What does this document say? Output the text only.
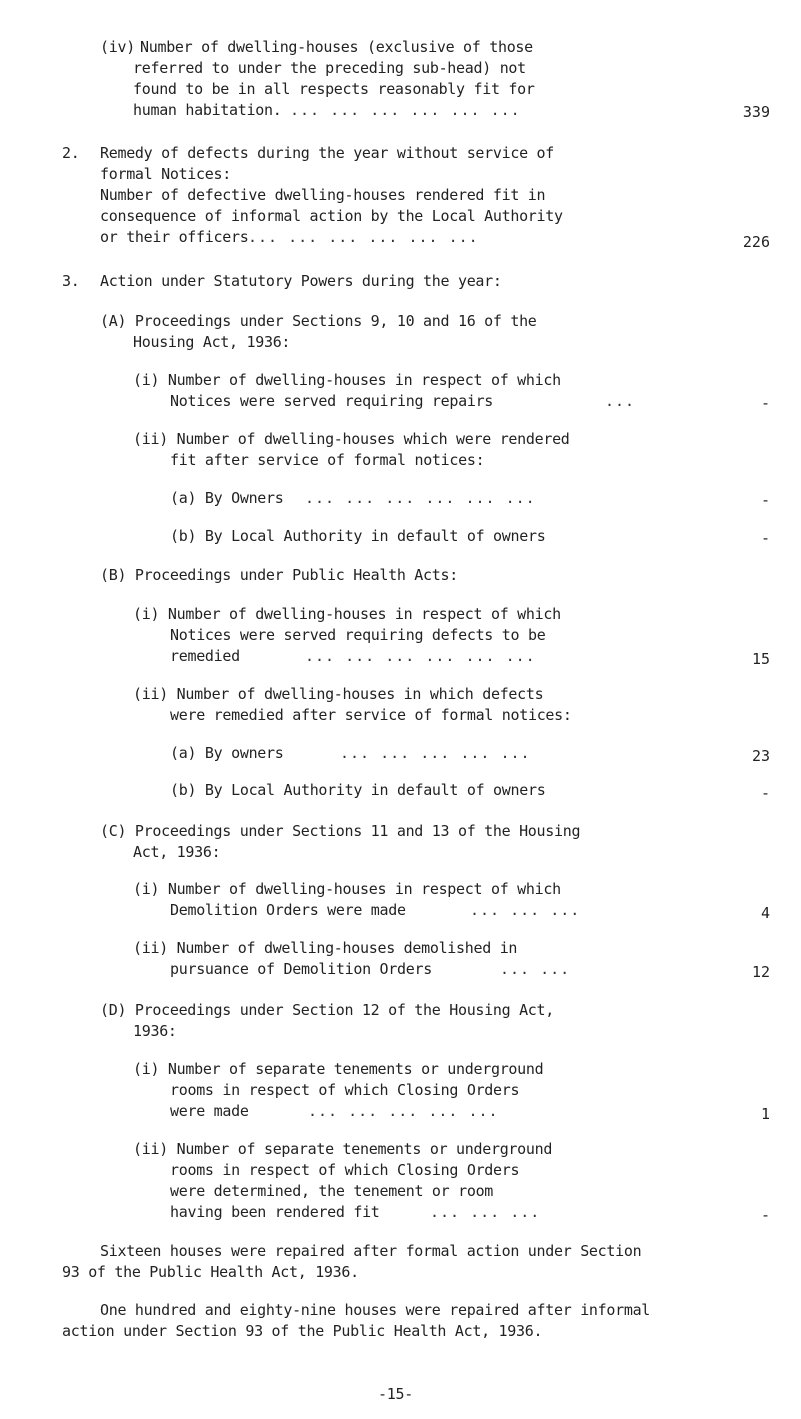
(iv) Number of dwelling-houses (exclusive of those
referred to under the preceding sub-head) not
found to be in all respects reasonably fit for
human habitation. ... ... ... ... ... ...	339
2. Remedy of defects during the year without service of
formal Notices:
Number of defective dwelling-houses rendered fit in
consequence of informal action by the Local Authority
or their officers ... ... ... ... ... ...	226
3. Action under Statutory Powers during the year:
(A) Proceedings under Sections 9, 10 and 16 of the
Housing Act, 1936:
(i) Number of dwelling-houses in respect of which
Notices were served requiring repairs	...	-
(ii) Number of dwelling-houses which were rendered
fit after service of formal notices:
(a) By Owners ... ... ... ... ... ...	-
(b) By Local Authority in default of owners	-
(B) Proceedings under Public Health Acts:
(i) Number of dwelling-houses in respect of which
Notices were served requiring defects to be
remedied	... ... ... ... ... ...	15
(ii) Number of dwelling-houses in which defects
were remedied after service of formal notices:
(a) By owners	... ... ... ... ...	23
(b) By Local Authority in default of owners	-
(C) Proceedings under Sections 11 and 13 of the Housing
Act, 1936:
(i) Number of dwelling-houses in respect of which
Demolition Orders were made	... ... ...	4
(ii) Number of dwelling-houses demolished in
pursuance of Demolition Orders	... ...	12
(D) Proceedings under Section 12 of the Housing Act,
1936:
(i) Number of separate tenements or underground
rooms in respect of which Closing Orders
were made	... ... ... ... ...	1
(ii) Number of separate tenements or underground
rooms in respect of which Closing Orders
were determined, the tenement or room
having been rendered fit	... ... ...	-
Sixteen houses were repaired after formal action under Section
93 of the Public Health Act, 1936.
One hundred and eighty-nine houses were repaired after informal
action under Section 93 of the Public Health Act, 1936.
-15-
